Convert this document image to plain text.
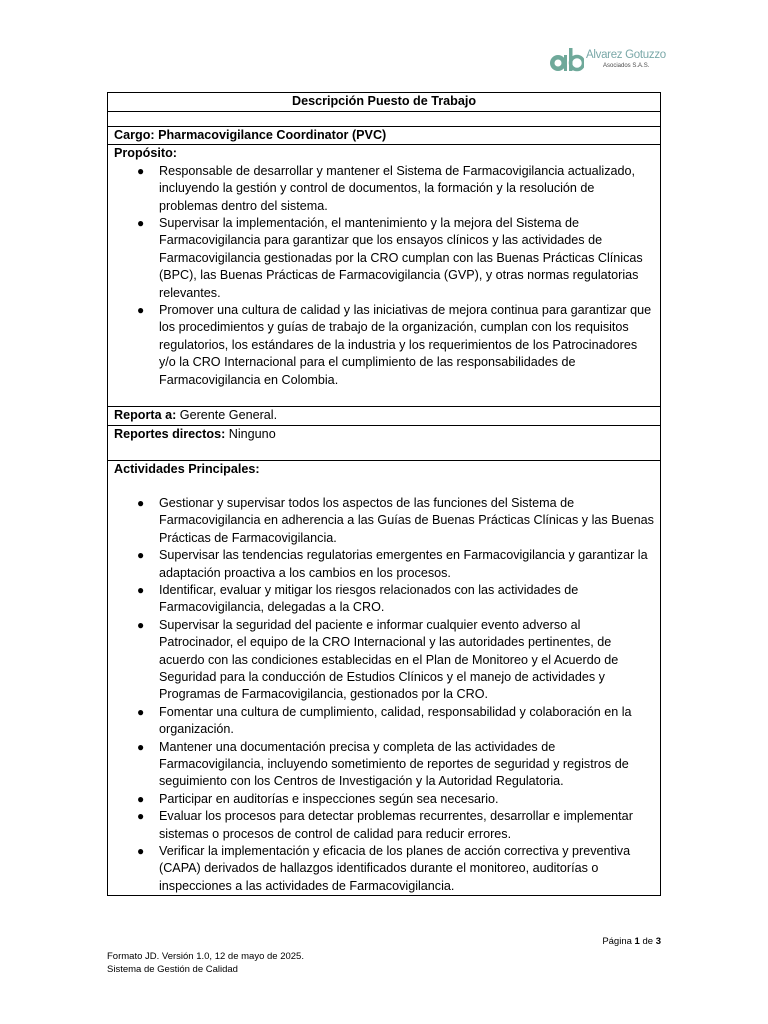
Alvarez Gotuzzo
Asociados S.A.S.
Descripción Puesto de Trabajo

Cargo: Pharmacovigilance Coordinator (PVC)

Propósito:
● Responsable de desarrollar y mantener el Sistema de Farmacovigilancia actualizado, incluyendo la gestión y control de documentos, la formación y la resolución de problemas dentro del sistema.
● Supervisar la implementación, el mantenimiento y la mejora del Sistema de Farmacovigilancia para garantizar que los ensayos clínicos y las actividades de Farmacovigilancia gestionadas por la CRO cumplan con las Buenas Prácticas Clínicas (BPC), las Buenas Prácticas de Farmacovigilancia (GVP), y otras normas regulatorias relevantes.
● Promover una cultura de calidad y las iniciativas de mejora continua para garantizar que los procedimientos y guías de trabajo de la organización, cumplan con los requisitos regulatorios, los estándares de la industria y los requerimientos de los Patrocinadores y/o la CRO Internacional para el cumplimiento de las responsabilidades de Farmacovigilancia en Colombia.

Reporta a: Gerente General.
Reportes directos: Ninguno

Actividades Principales:
● Gestionar y supervisar todos los aspectos de las funciones del Sistema de Farmacovigilancia en adherencia a las Guías de Buenas Prácticas Clínicas y las Buenas Prácticas de Farmacovigilancia.
● Supervisar las tendencias regulatorias emergentes en Farmacovigilancia y garantizar la adaptación proactiva a los cambios en los procesos.
● Identificar, evaluar y mitigar los riesgos relacionados con las actividades de Farmacovigilancia, delegadas a la CRO.
● Supervisar la seguridad del paciente e informar cualquier evento adverso al Patrocinador, el equipo de la CRO Internacional y las autoridades pertinentes, de acuerdo con las condiciones establecidas en el Plan de Monitoreo y el Acuerdo de Seguridad para la conducción de Estudios Clínicos y el manejo de actividades y Programas de Farmacovigilancia, gestionados por la CRO.
● Fomentar una cultura de cumplimiento, calidad, responsabilidad y colaboración en la organización.
● Mantener una documentación precisa y completa de las actividades de Farmacovigilancia, incluyendo sometimiento de reportes de seguridad y registros de seguimiento con los Centros de Investigación y la Autoridad Regulatoria.
● Participar en auditorías e inspecciones según sea necesario.
● Evaluar los procesos para detectar problemas recurrentes, desarrollar e implementar sistemas o procesos de control de calidad para reducir errores.
● Verificar la implementación y eficacia de los planes de acción correctiva y preventiva (CAPA) derivados de hallazgos identificados durante el monitoreo, auditorías o inspecciones a las actividades de Farmacovigilancia.
Página 1 de 3
Formato JD. Versión 1.0, 12 de mayo de 2025.
Sistema de Gestión de Calidad
